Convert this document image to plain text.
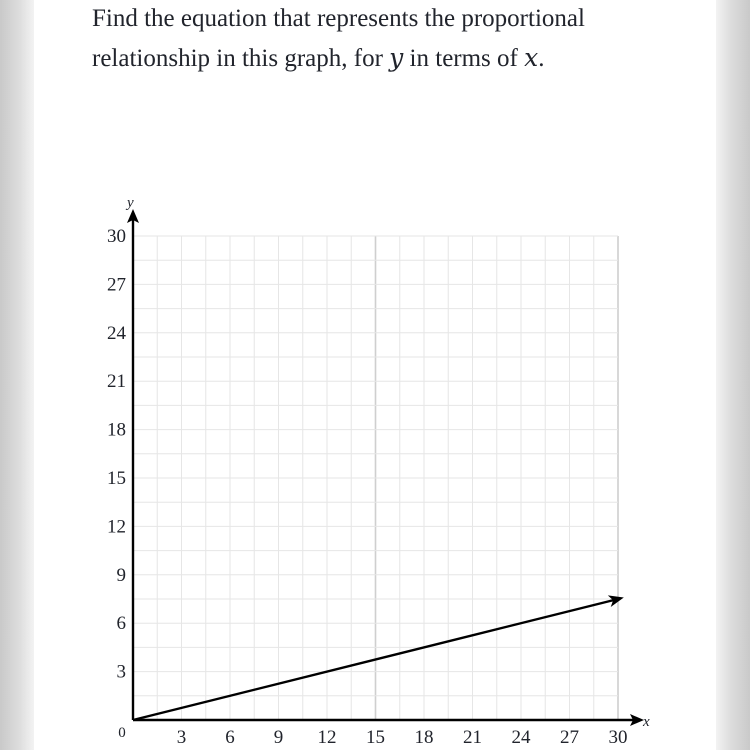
Find the equation that represents the proportional relationship in this graph, for y in terms of x.

x
y
0	3 6 9 12 15 18 21 24 27 30
3
6
9
12
15
18
21
24
27
30
